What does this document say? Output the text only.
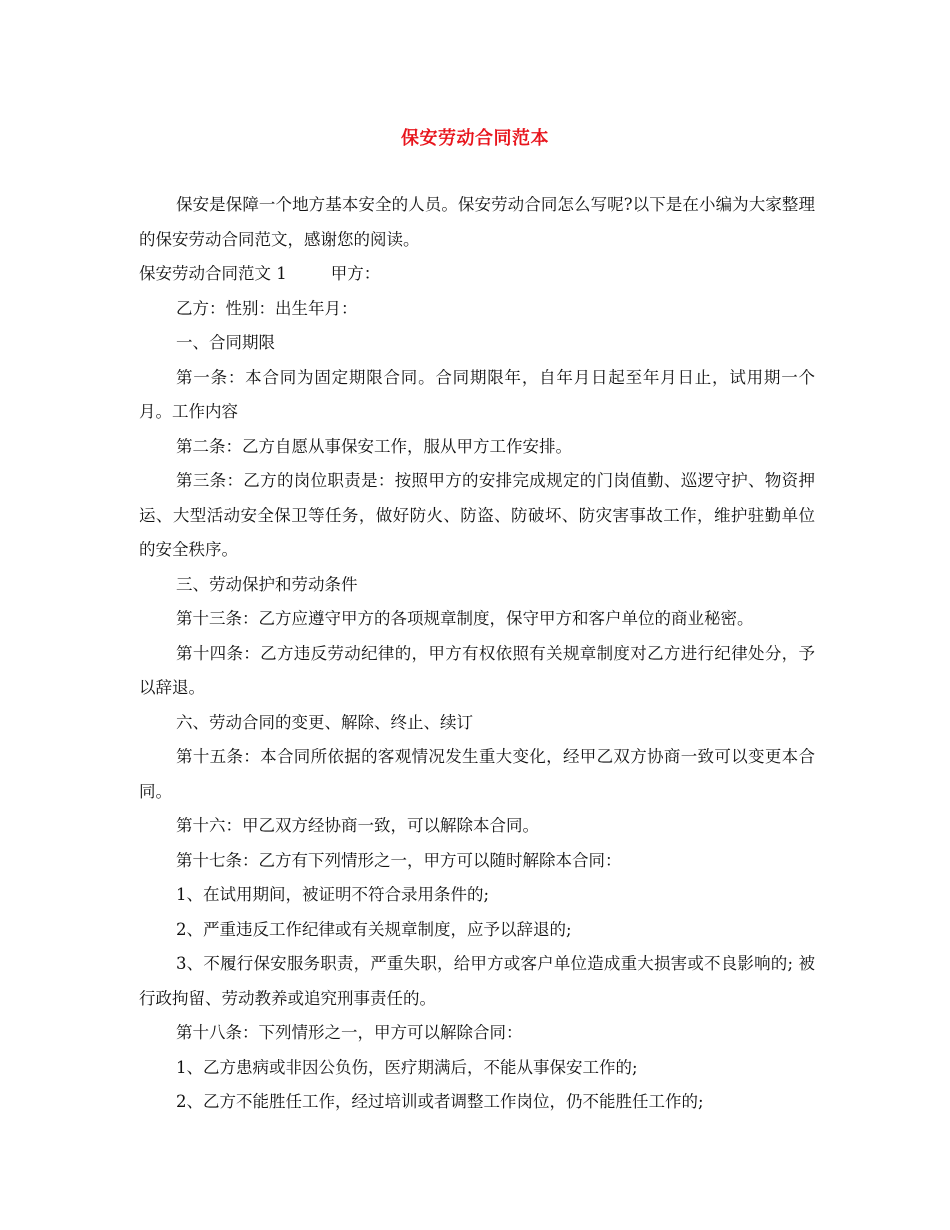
保安劳动合同范本

保安是保障一个地方基本安全的人员。保安劳动合同怎么写呢?以下是在小编为大家整理的保安劳动合同范文，感谢您的阅读。

保安劳动合同范文 1	甲方：

乙方：性别：出生年月：

一、合同期限

第一条：本合同为固定期限合同。合同期限年，自年月日起至年月日止，试用期一个月。工作内容

第二条：乙方自愿从事保安工作，服从甲方工作安排。

第三条：乙方的岗位职责是：按照甲方的安排完成规定的门岗值勤、巡逻守护、物资押运、大型活动安全保卫等任务，做好防火、防盗、防破坏、防灾害事故工作，维护驻勤单位的安全秩序。

三、劳动保护和劳动条件

第十三条：乙方应遵守甲方的各项规章制度，保守甲方和客户单位的商业秘密。

第十四条：乙方违反劳动纪律的，甲方有权依照有关规章制度对乙方进行纪律处分，予以辞退。

六、劳动合同的变更、解除、终止、续订

第十五条：本合同所依据的客观情况发生重大变化，经甲乙双方协商一致可以变更本合同。

第十六：甲乙双方经协商一致，可以解除本合同。

第十七条：乙方有下列情形之一，甲方可以随时解除本合同：

1、在试用期间，被证明不符合录用条件的;

2、严重违反工作纪律或有关规章制度，应予以辞退的;

3、不履行保安服务职责，严重失职，给甲方或客户单位造成重大损害或不良影响的; 被行政拘留、劳动教养或追究刑事责任的。

第十八条：下列情形之一，甲方可以解除合同：

1、乙方患病或非因公负伤，医疗期满后，不能从事保安工作的;

2、乙方不能胜任工作，经过培训或者调整工作岗位，仍不能胜任工作的;
